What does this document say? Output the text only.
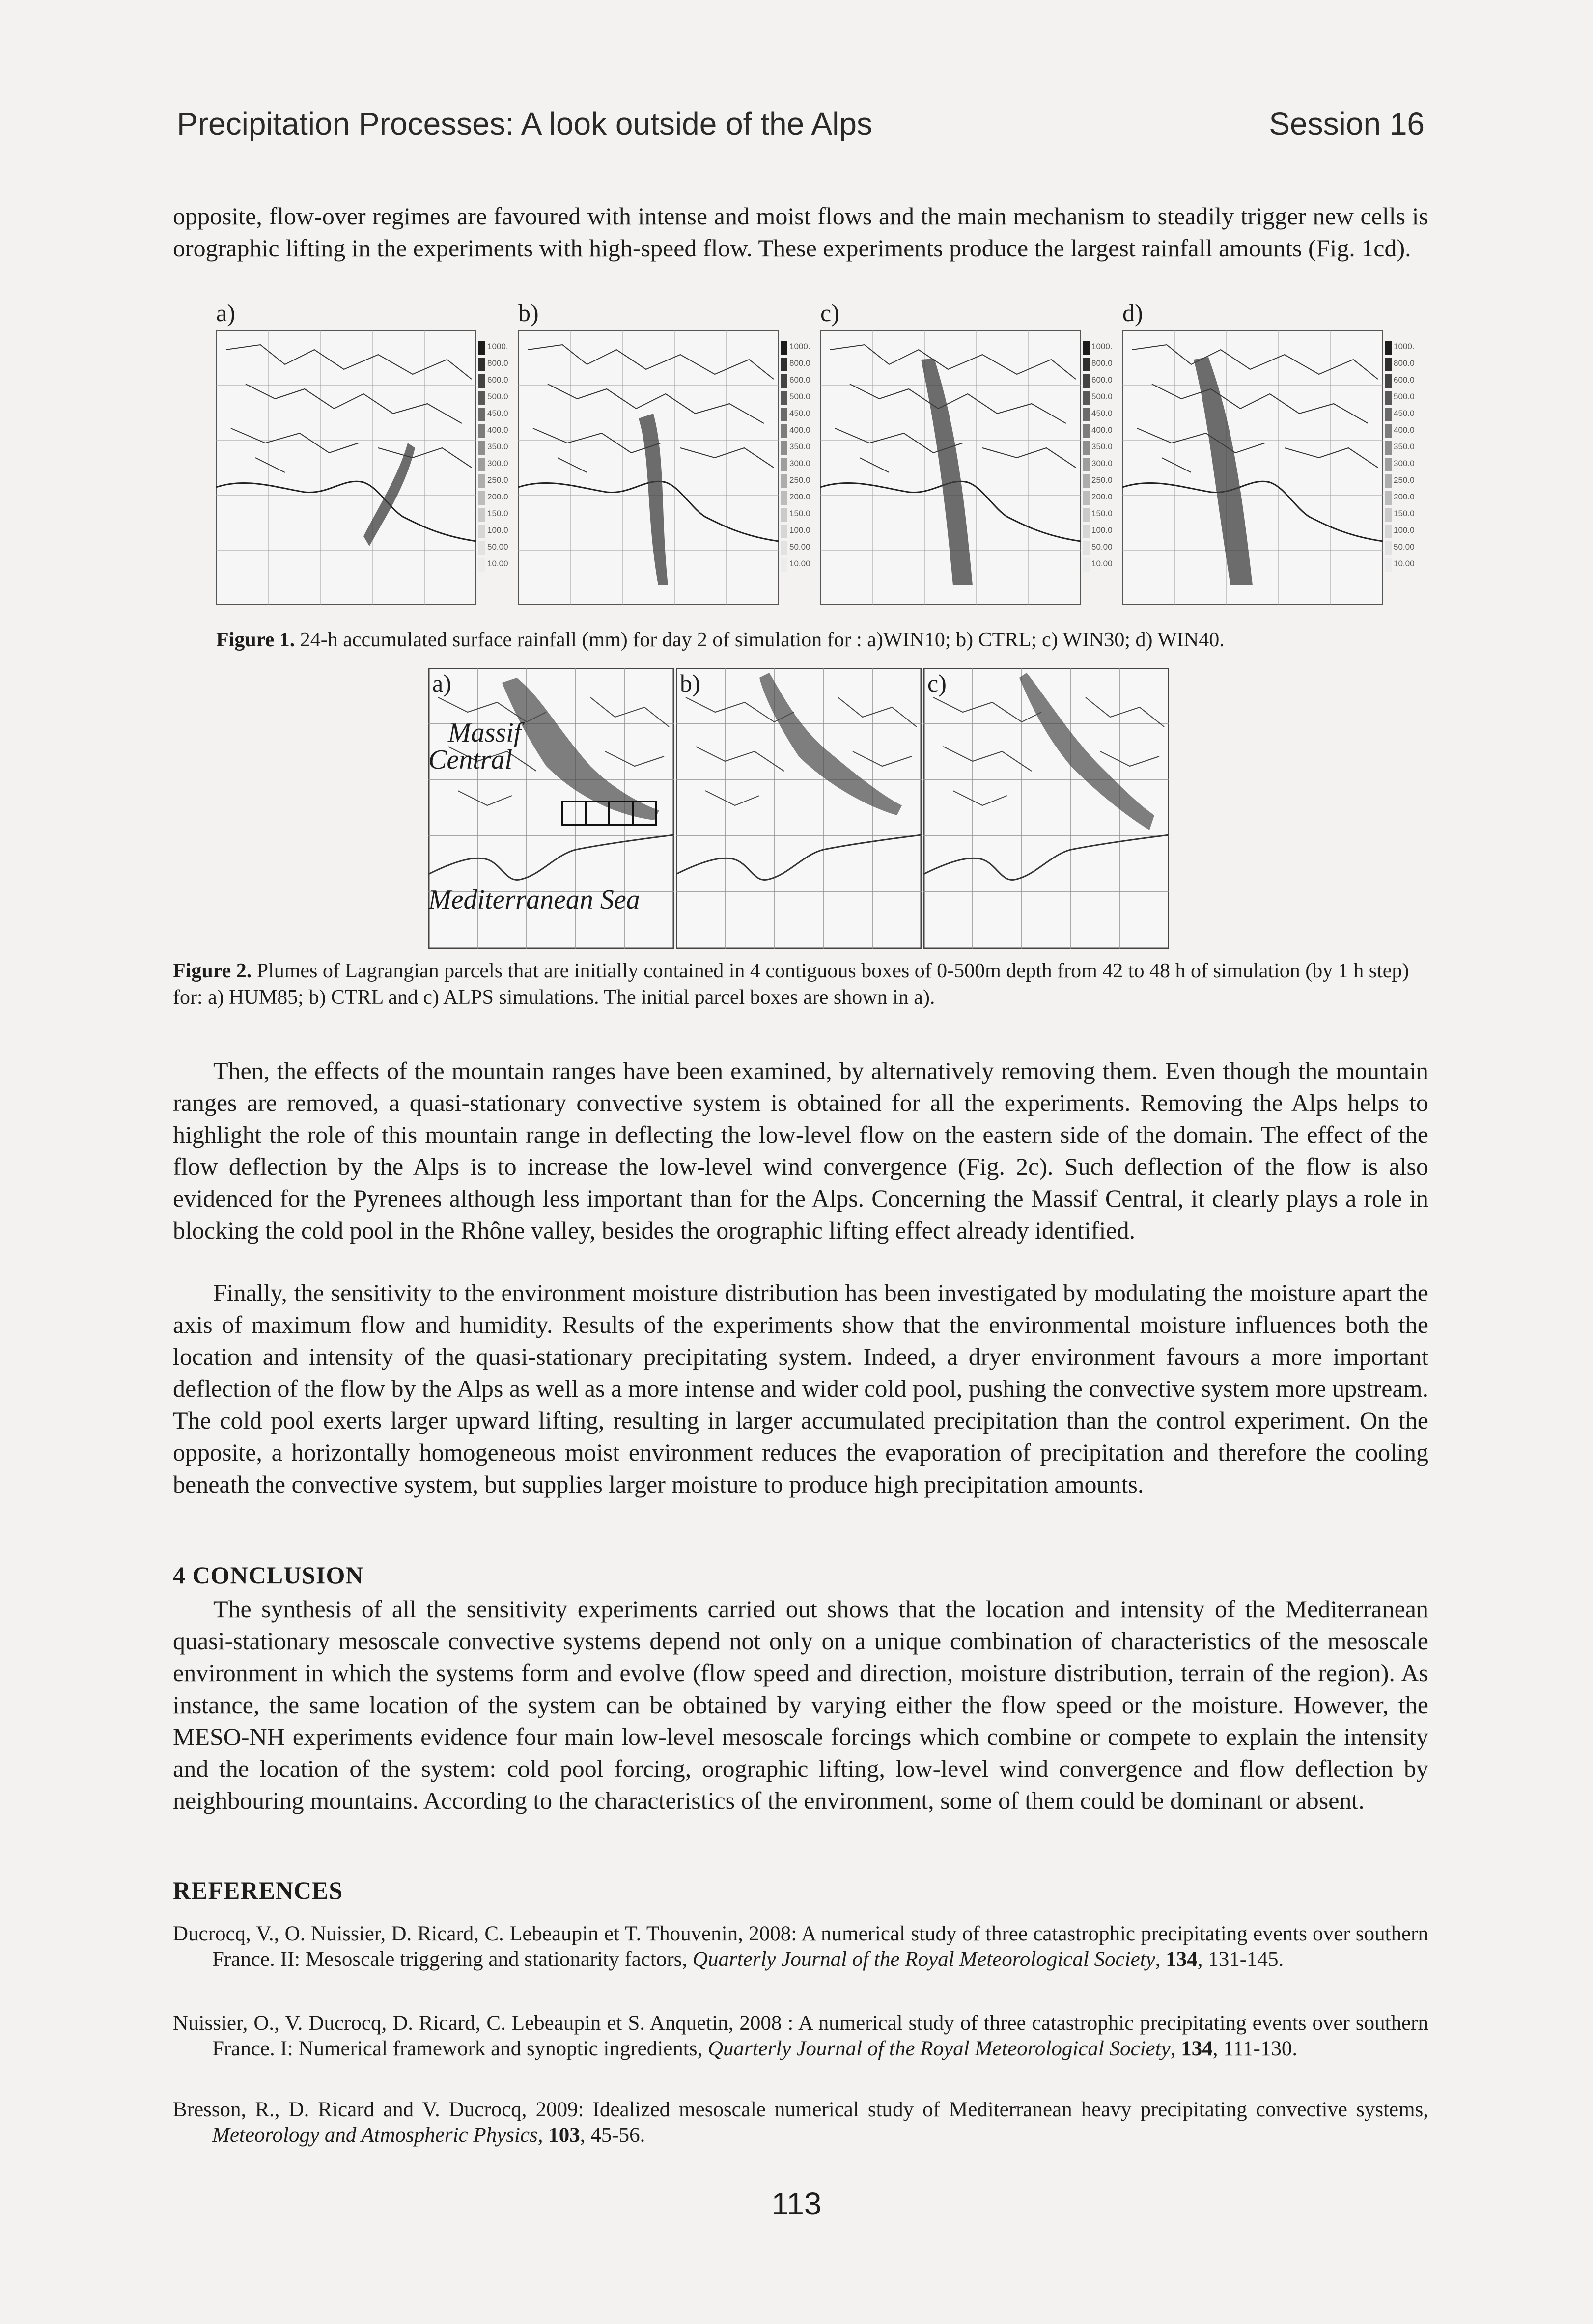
Precipitation Processes: A look outside of the Alps	Session 16
opposite, flow-over regimes are favoured with intense and moist flows and the main mechanism to steadily trigger new cells is orographic lifting in the experiments with high-speed flow. These experiments produce the largest rainfall amounts (Fig. 1cd).
a)
1000.
800.0
600.0
500.0
450.0
400.0
350.0
300.0
250.0
200.0
150.0
100.0
50.00
10.00
b)
1000.
800.0
600.0
500.0
450.0
400.0
350.0
300.0
250.0
200.0
150.0
100.0
50.00
10.00
c)
1000.
800.0
600.0
500.0
450.0
400.0
350.0
300.0
250.0
200.0
150.0
100.0
50.00
10.00
d)
1000.
800.0
600.0
500.0
450.0
400.0
350.0
300.0
250.0
200.0
150.0
100.0
50.00
10.00
Figure 1. 24-h accumulated surface rainfall (mm) for day 2 of simulation for : a)WIN10; b) CTRL; c) WIN30; d) WIN40.
a)
Massif
Central
Mediterranean Sea
b)	c)
Figure 2. Plumes of Lagrangian parcels that are initially contained in 4 contiguous boxes of 0-500m depth from 42 to 48 h of simulation (by 1 h step) for: a) HUM85; b) CTRL and c) ALPS simulations. The initial parcel boxes are shown in a).
Then, the effects of the mountain ranges have been examined, by alternatively removing them. Even though the mountain ranges are removed, a quasi-stationary convective system is obtained for all the experiments. Removing the Alps helps to highlight the role of this mountain range in deflecting the low-level flow on the eastern side of the domain. The effect of the flow deflection by the Alps is to increase the low-level wind convergence (Fig. 2c). Such deflection of the flow is also evidenced for the Pyrenees although less important than for the Alps. Concerning the Massif Central, it clearly plays a role in blocking the cold pool in the Rhône valley, besides the orographic lifting effect already identified.
Finally, the sensitivity to the environment moisture distribution has been investigated by modulating the moisture apart the axis of maximum flow and humidity. Results of the experiments show that the environmental moisture influences both the location and intensity of the quasi-stationary precipitating system. Indeed, a dryer environment favours a more important deflection of the flow by the Alps as well as a more intense and wider cold pool, pushing the convective system more upstream. The cold pool exerts larger upward lifting, resulting in larger accumulated precipitation than the control experiment. On the opposite, a horizontally homogeneous moist environment reduces the evaporation of precipitation and therefore the cooling beneath the convective system, but supplies larger moisture to produce high precipitation amounts.
4 CONCLUSION
The synthesis of all the sensitivity experiments carried out shows that the location and intensity of the Mediterranean quasi-stationary mesoscale convective systems depend not only on a unique combination of characteristics of the mesoscale environment in which the systems form and evolve (flow speed and direction, moisture distribution, terrain of the region). As instance, the same location of the system can be obtained by varying either the flow speed or the moisture. However, the MESO-NH experiments evidence four main low-level mesoscale forcings which combine or compete to explain the intensity and the location of the system: cold pool forcing, orographic lifting, low-level wind convergence and flow deflection by neighbouring mountains. According to the characteristics of the environment, some of them could be dominant or absent.
REFERENCES
Ducrocq, V., O. Nuissier, D. Ricard, C. Lebeaupin et T. Thouvenin, 2008: A numerical study of three catastrophic precipitating events over southern France. II: Mesoscale triggering and stationarity factors, Quarterly Journal of the Royal Meteorological Society, 134, 131-145.
Nuissier, O., V. Ducrocq, D. Ricard, C. Lebeaupin et S. Anquetin, 2008 : A numerical study of three catastrophic precipitating events over southern France. I: Numerical framework and synoptic ingredients, Quarterly Journal of the Royal Meteorological Society, 134, 111-130.
Bresson, R., D. Ricard and V. Ducrocq, 2009: Idealized mesoscale numerical study of Mediterranean heavy precipitating convective systems, Meteorology and Atmospheric Physics, 103, 45-56.
113
